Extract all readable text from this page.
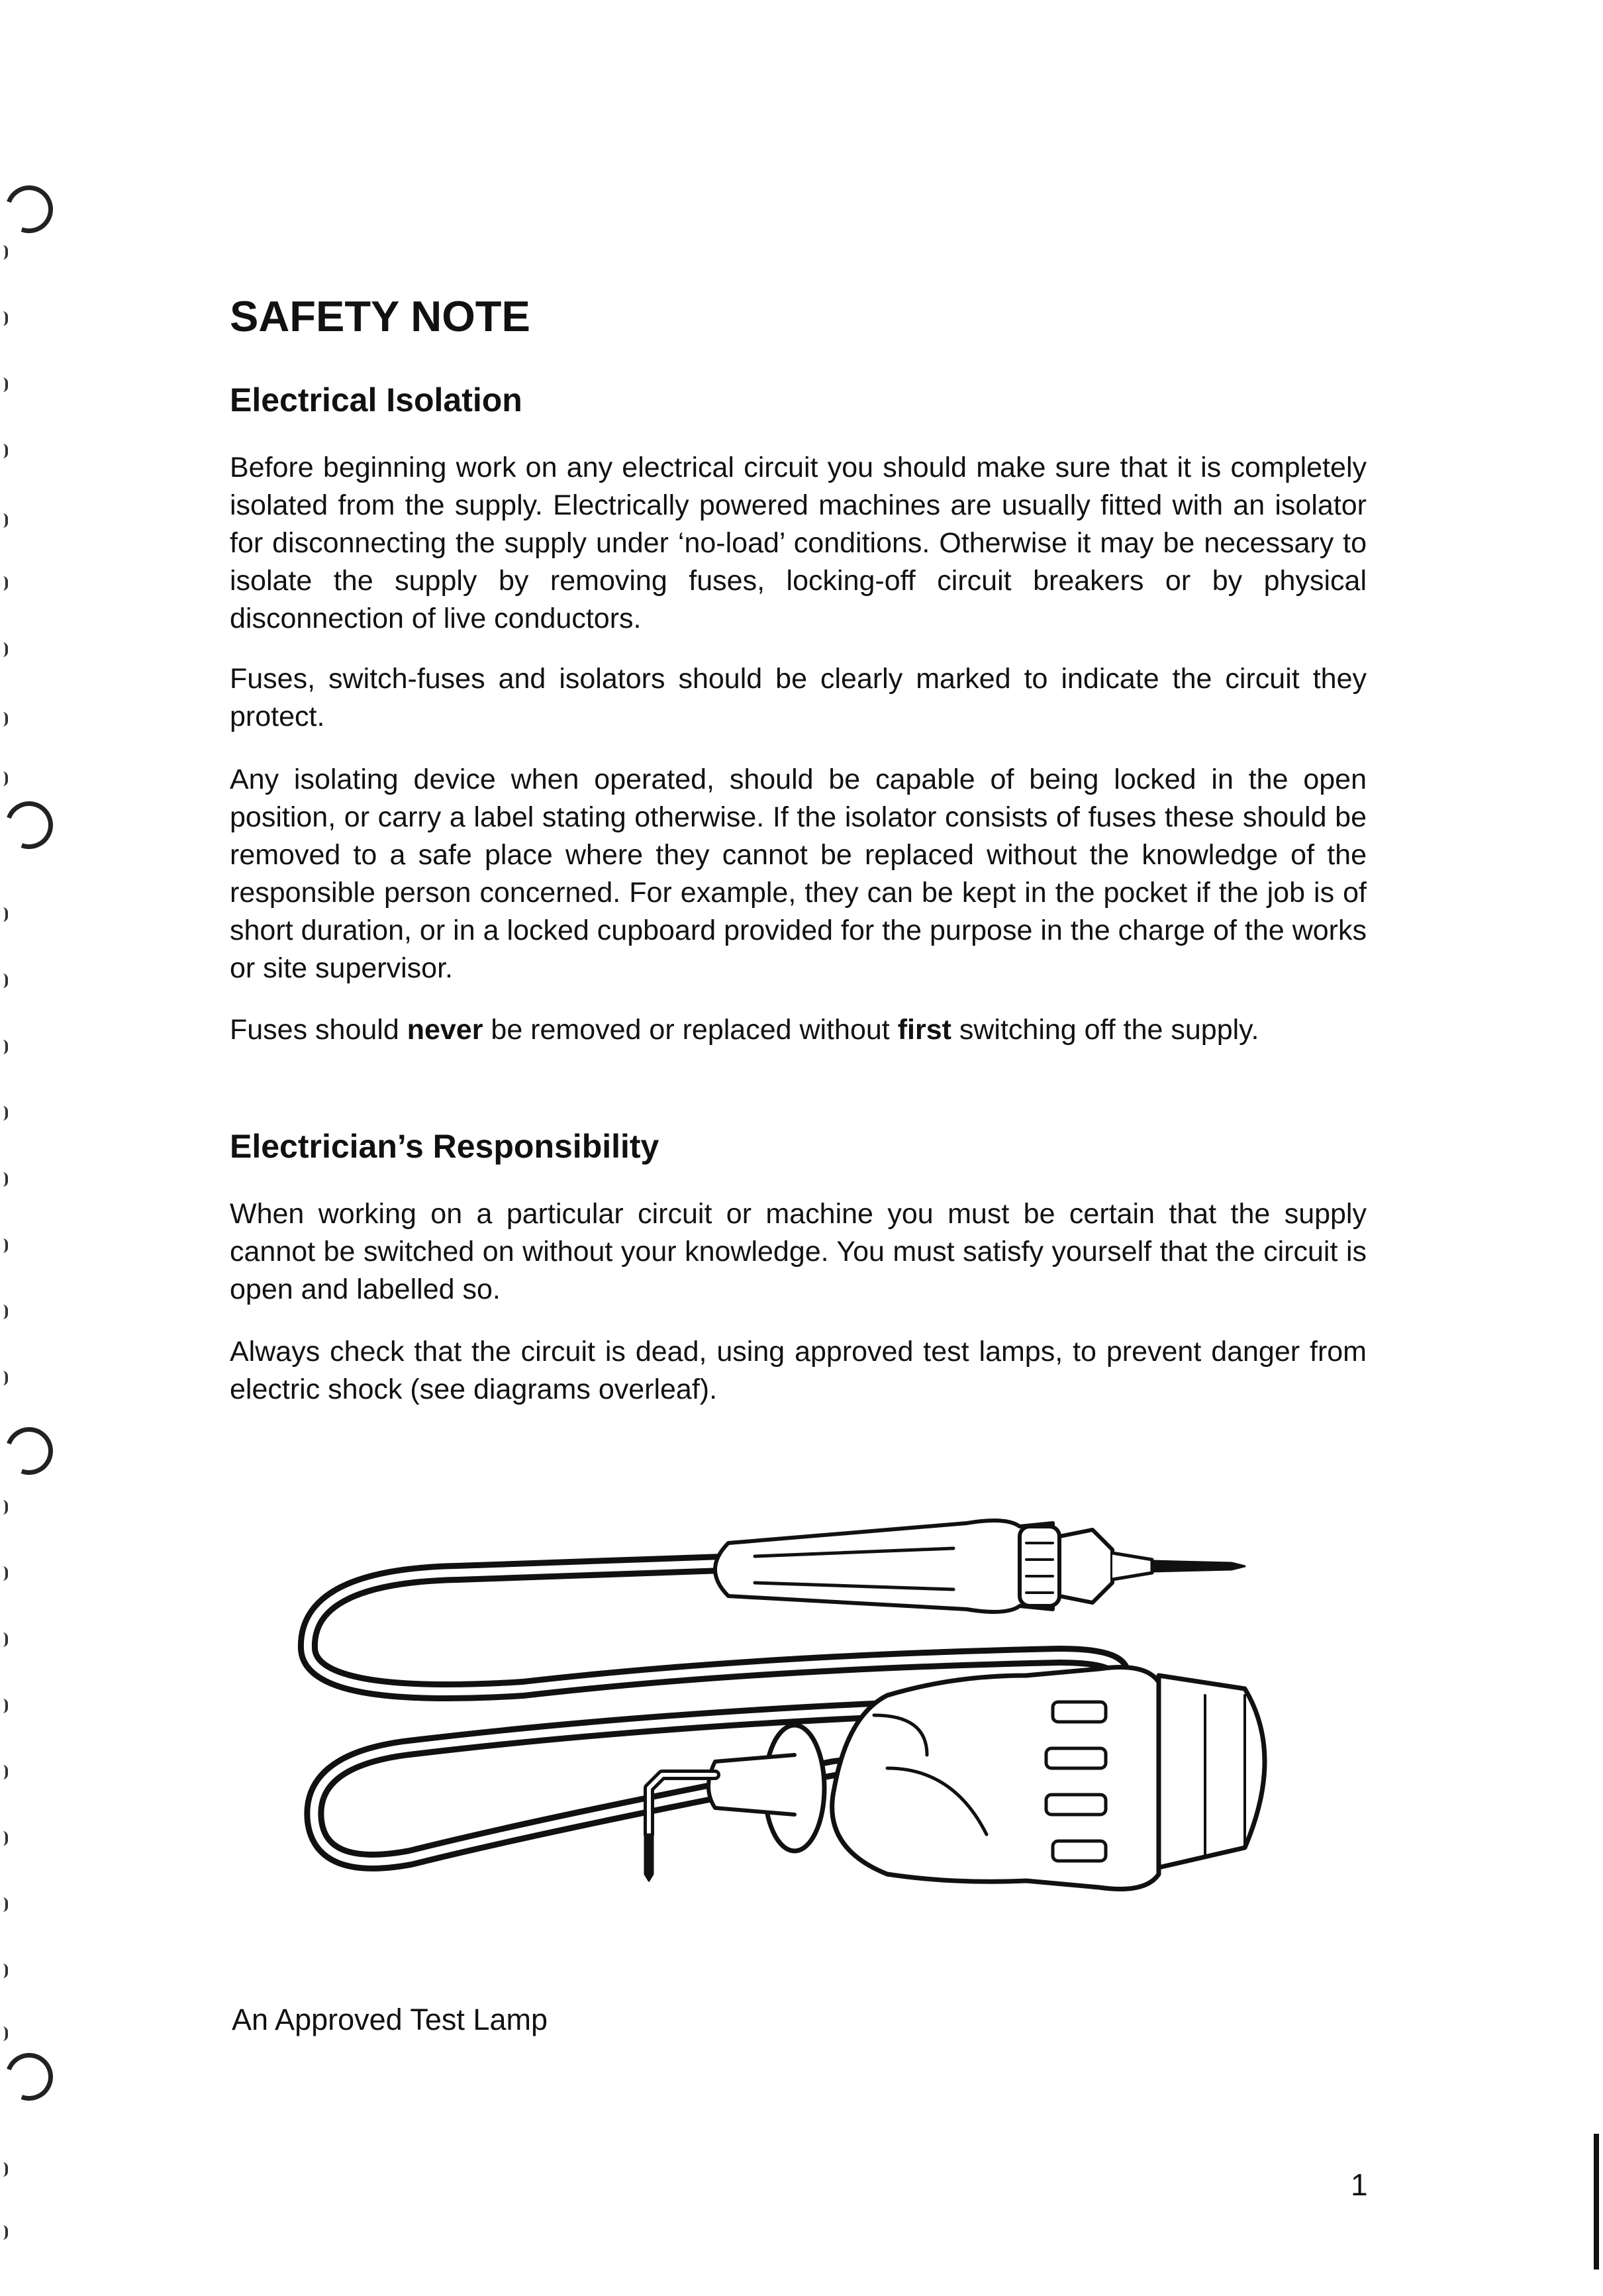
SAFETY NOTE
Electrical Isolation

Before beginning work on any electrical circuit you should make sure that it is completely isolated from the supply. Electrically powered machines are usually fitted with an isolator for disconnecting the supply under ‘no-load’ conditions. Otherwise it may be necessary to isolate the supply by removing fuses, locking-off circuit breakers or by physical disconnection of live conductors.

Fuses, switch-fuses and isolators should be clearly marked to indicate the circuit they protect.

Any isolating device when operated, should be capable of being locked in the open position, or carry a label stating otherwise. If the isolator consists of fuses these should be removed to a safe place where they cannot be replaced without the knowledge of the responsible person concerned. For example, they can be kept in the pocket if the job is of short duration, or in a locked cupboard provided for the purpose in the charge of the works or site supervisor.

Fuses should never be removed or replaced without first switching off the supply.

Electrician’s Responsibility

When working on a particular circuit or machine you must be certain that the supply cannot be switched on without your knowledge. You must satisfy yourself that the circuit is open and labelled so.

Always check that the circuit is dead, using approved test lamps, to prevent danger from electric shock (see diagrams overleaf).

An Approved Test Lamp

1
